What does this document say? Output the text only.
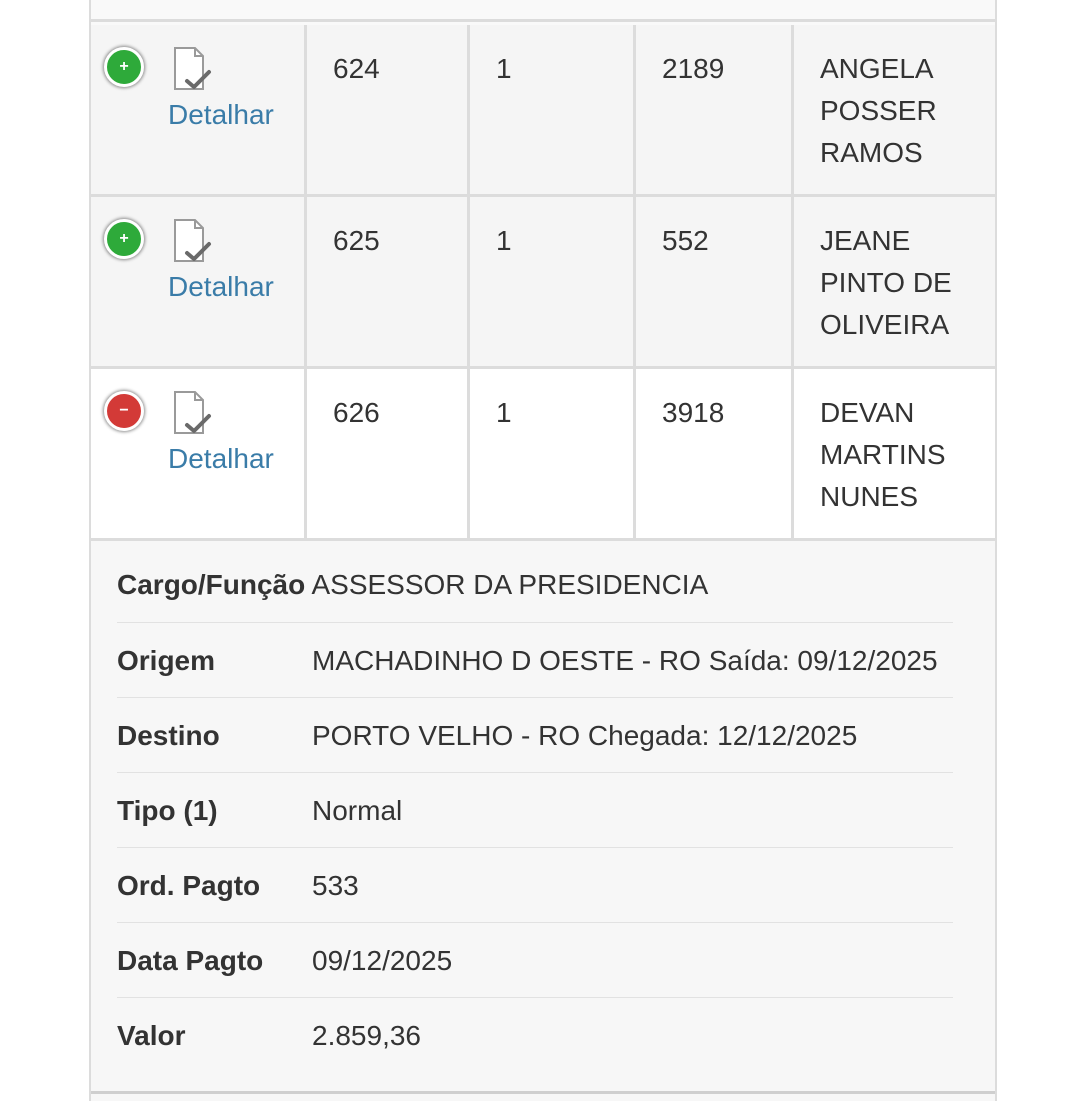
+
Detalhar
624	1	2189	ANGELA
POSSER
RAMOS
+
Detalhar
625	1	552	JEANE
PINTO DE
OLIVEIRA
−
Detalhar
626	1	3918	DEVAN
MARTINS
NUNES
Cargo/Função ASSESSOR DA PRESIDENCIA
Origem	MACHADINHO D OESTE - RO Saída: 09/12/2025
Destino	PORTO VELHO - RO Chegada: 12/12/2025
Tipo (1)	Normal
Ord. Pagto 533
Data Pagto 09/12/2025
Valor	2.859,36
